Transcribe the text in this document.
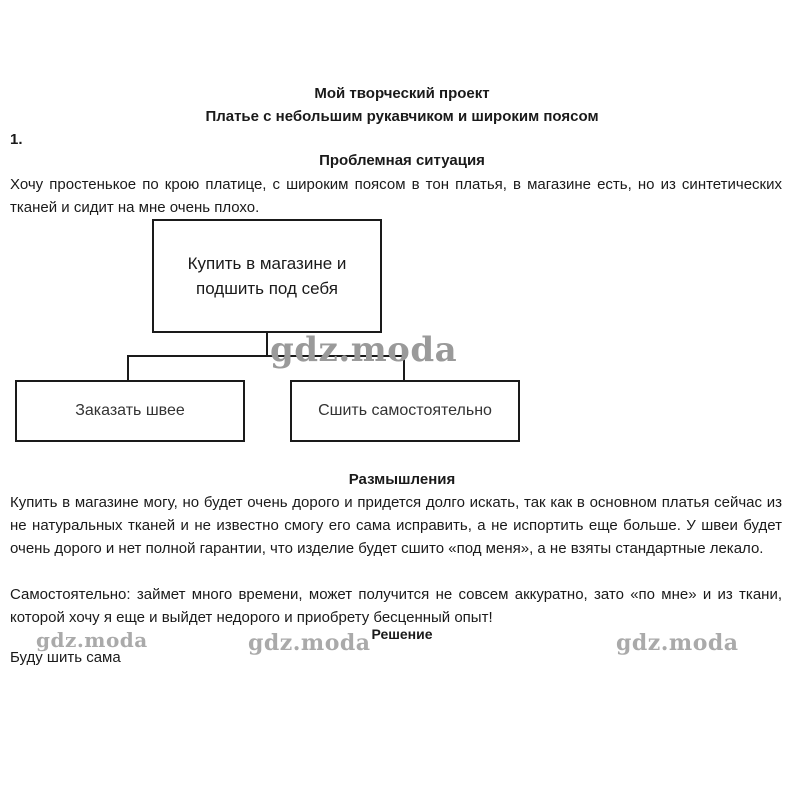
Мой творческий проект
Платье с небольшим рукавчиком и широким поясом
1.
Проблемная ситуация
Хочу простенькое по крою платице, с широким поясом в тон платья, в магазине есть, но из синтетических тканей и сидит на мне очень плохо.
Купить в магазине и подшить под себя
Заказать швее	Сшить самостоятельно
gdz.moda
Размышления
Купить в магазине могу, но будет очень дорого и придется долго искать, так как в основном платья сейчас из не натуральных тканей и не известно смогу его сама исправить, а не испортить еще больше. У швеи будет очень дорого и нет полной гарантии, что изделие будет сшито «под меня», а не взяты стандартные лекало.
Самостоятельно: займет много времени, может получится не совсем аккуратно, зато «по мне» и из ткани, которой хочу я еще и выйдет недорого и приобрету бесценный опыт!
Решение
Буду шить сама
gdz.moda	gdz.moda	gdz.moda
